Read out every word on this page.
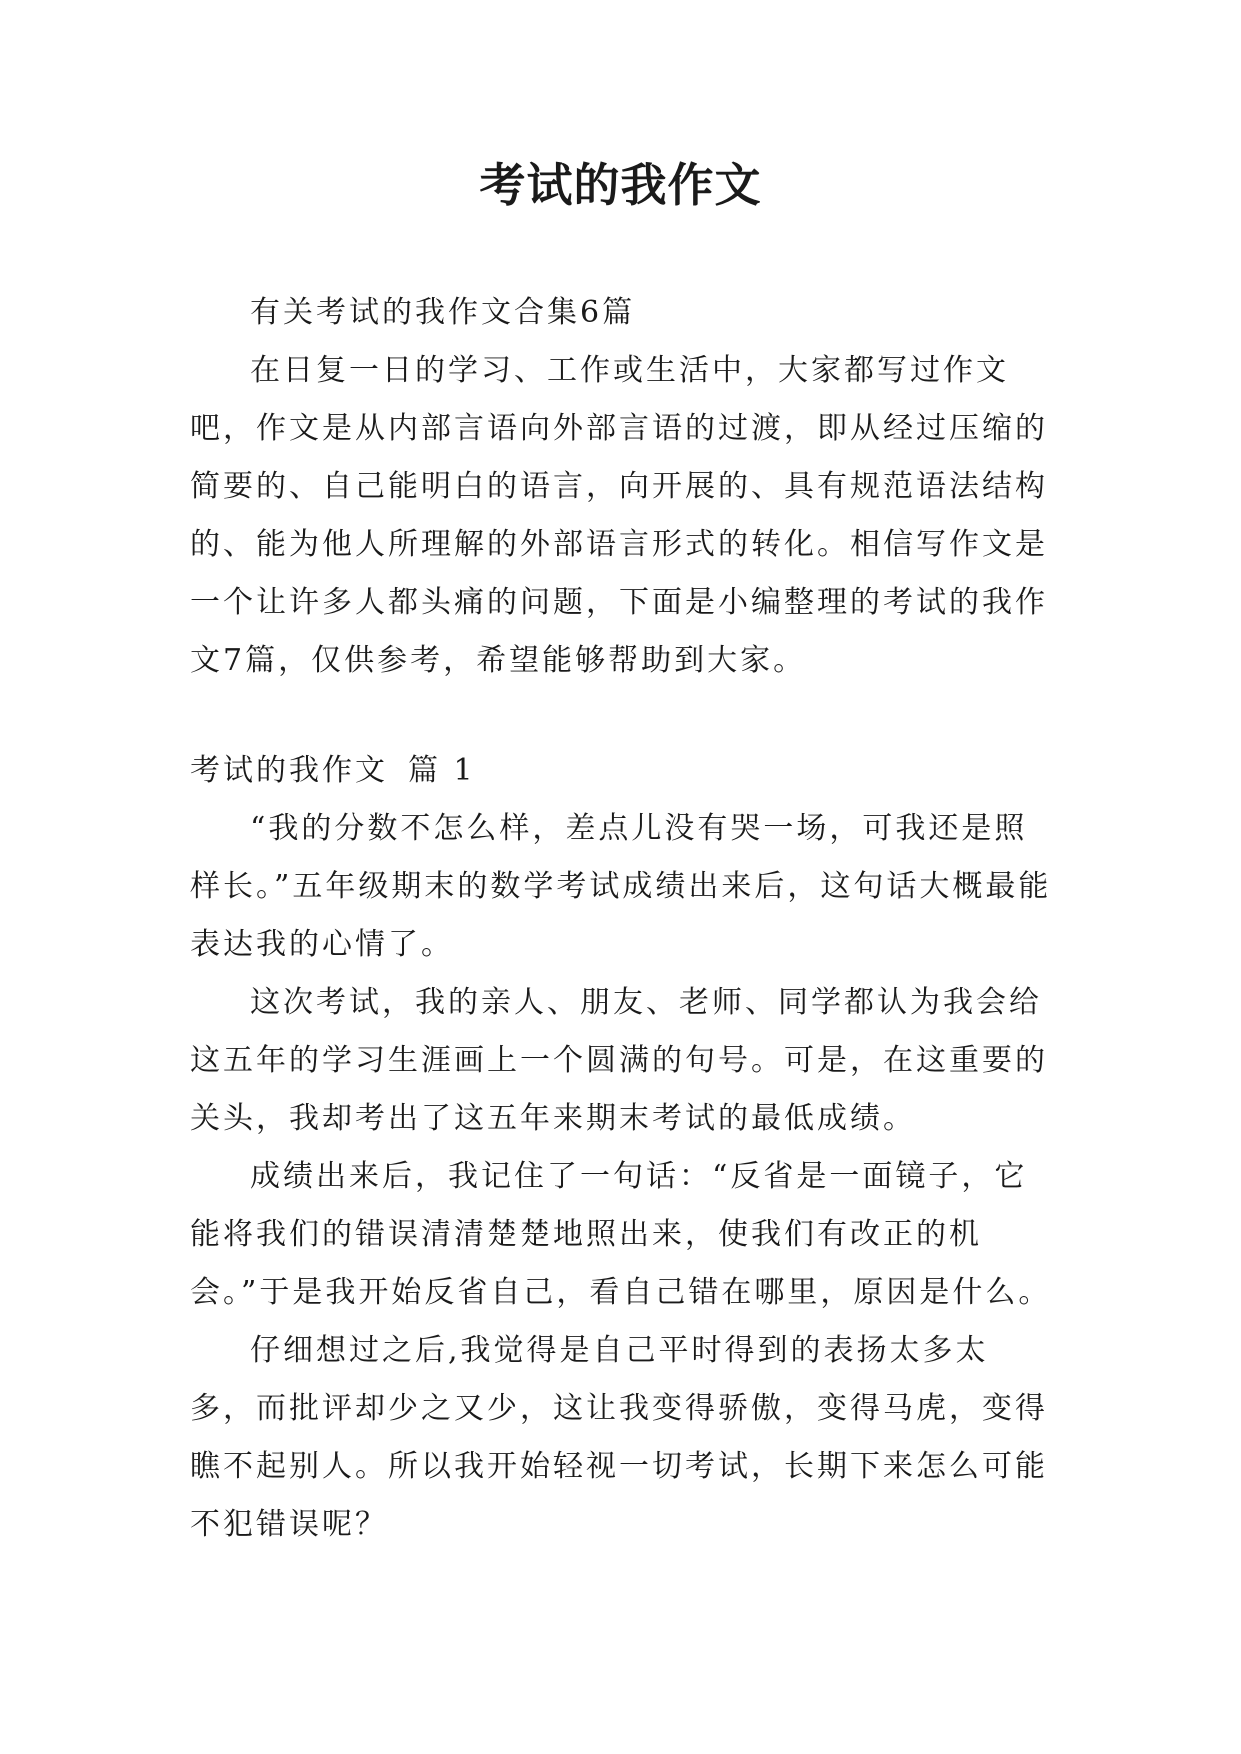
考试的我作文

有关考试的我作文合集6篇

在日复一日的学习、工作或生活中，大家都写过作文吧，作文是从内部言语向外部言语的过渡，即从经过压缩的简要的、自己能明白的语言，向开展的、具有规范语法结构的、能为他人所理解的外部语言形式的转化。相信写作文是一个让许多人都头痛的问题，下面是小编整理的考试的我作文7篇，仅供参考，希望能够帮助到大家。

考试的我作文 篇 1

“我的分数不怎么样，差点儿没有哭一场，可我还是照样长。”五年级期末的数学考试成绩出来后，这句话大概最能表达我的心情了。

这次考试，我的亲人、朋友、老师、同学都认为我会给这五年的学习生涯画上一个圆满的句号。可是，在这重要的关头，我却考出了这五年来期末考试的最低成绩。

成绩出来后，我记住了一句话：“反省是一面镜子，它能将我们的错误清清楚楚地照出来，使我们有改正的机会。”于是我开始反省自己，看自己错在哪里，原因是什么。

仔细想过之后,我觉得是自己平时得到的表扬太多太多，而批评却少之又少，这让我变得骄傲，变得马虎，变得瞧不起别人。所以我开始轻视一切考试，长期下来怎么可能不犯错误呢？
